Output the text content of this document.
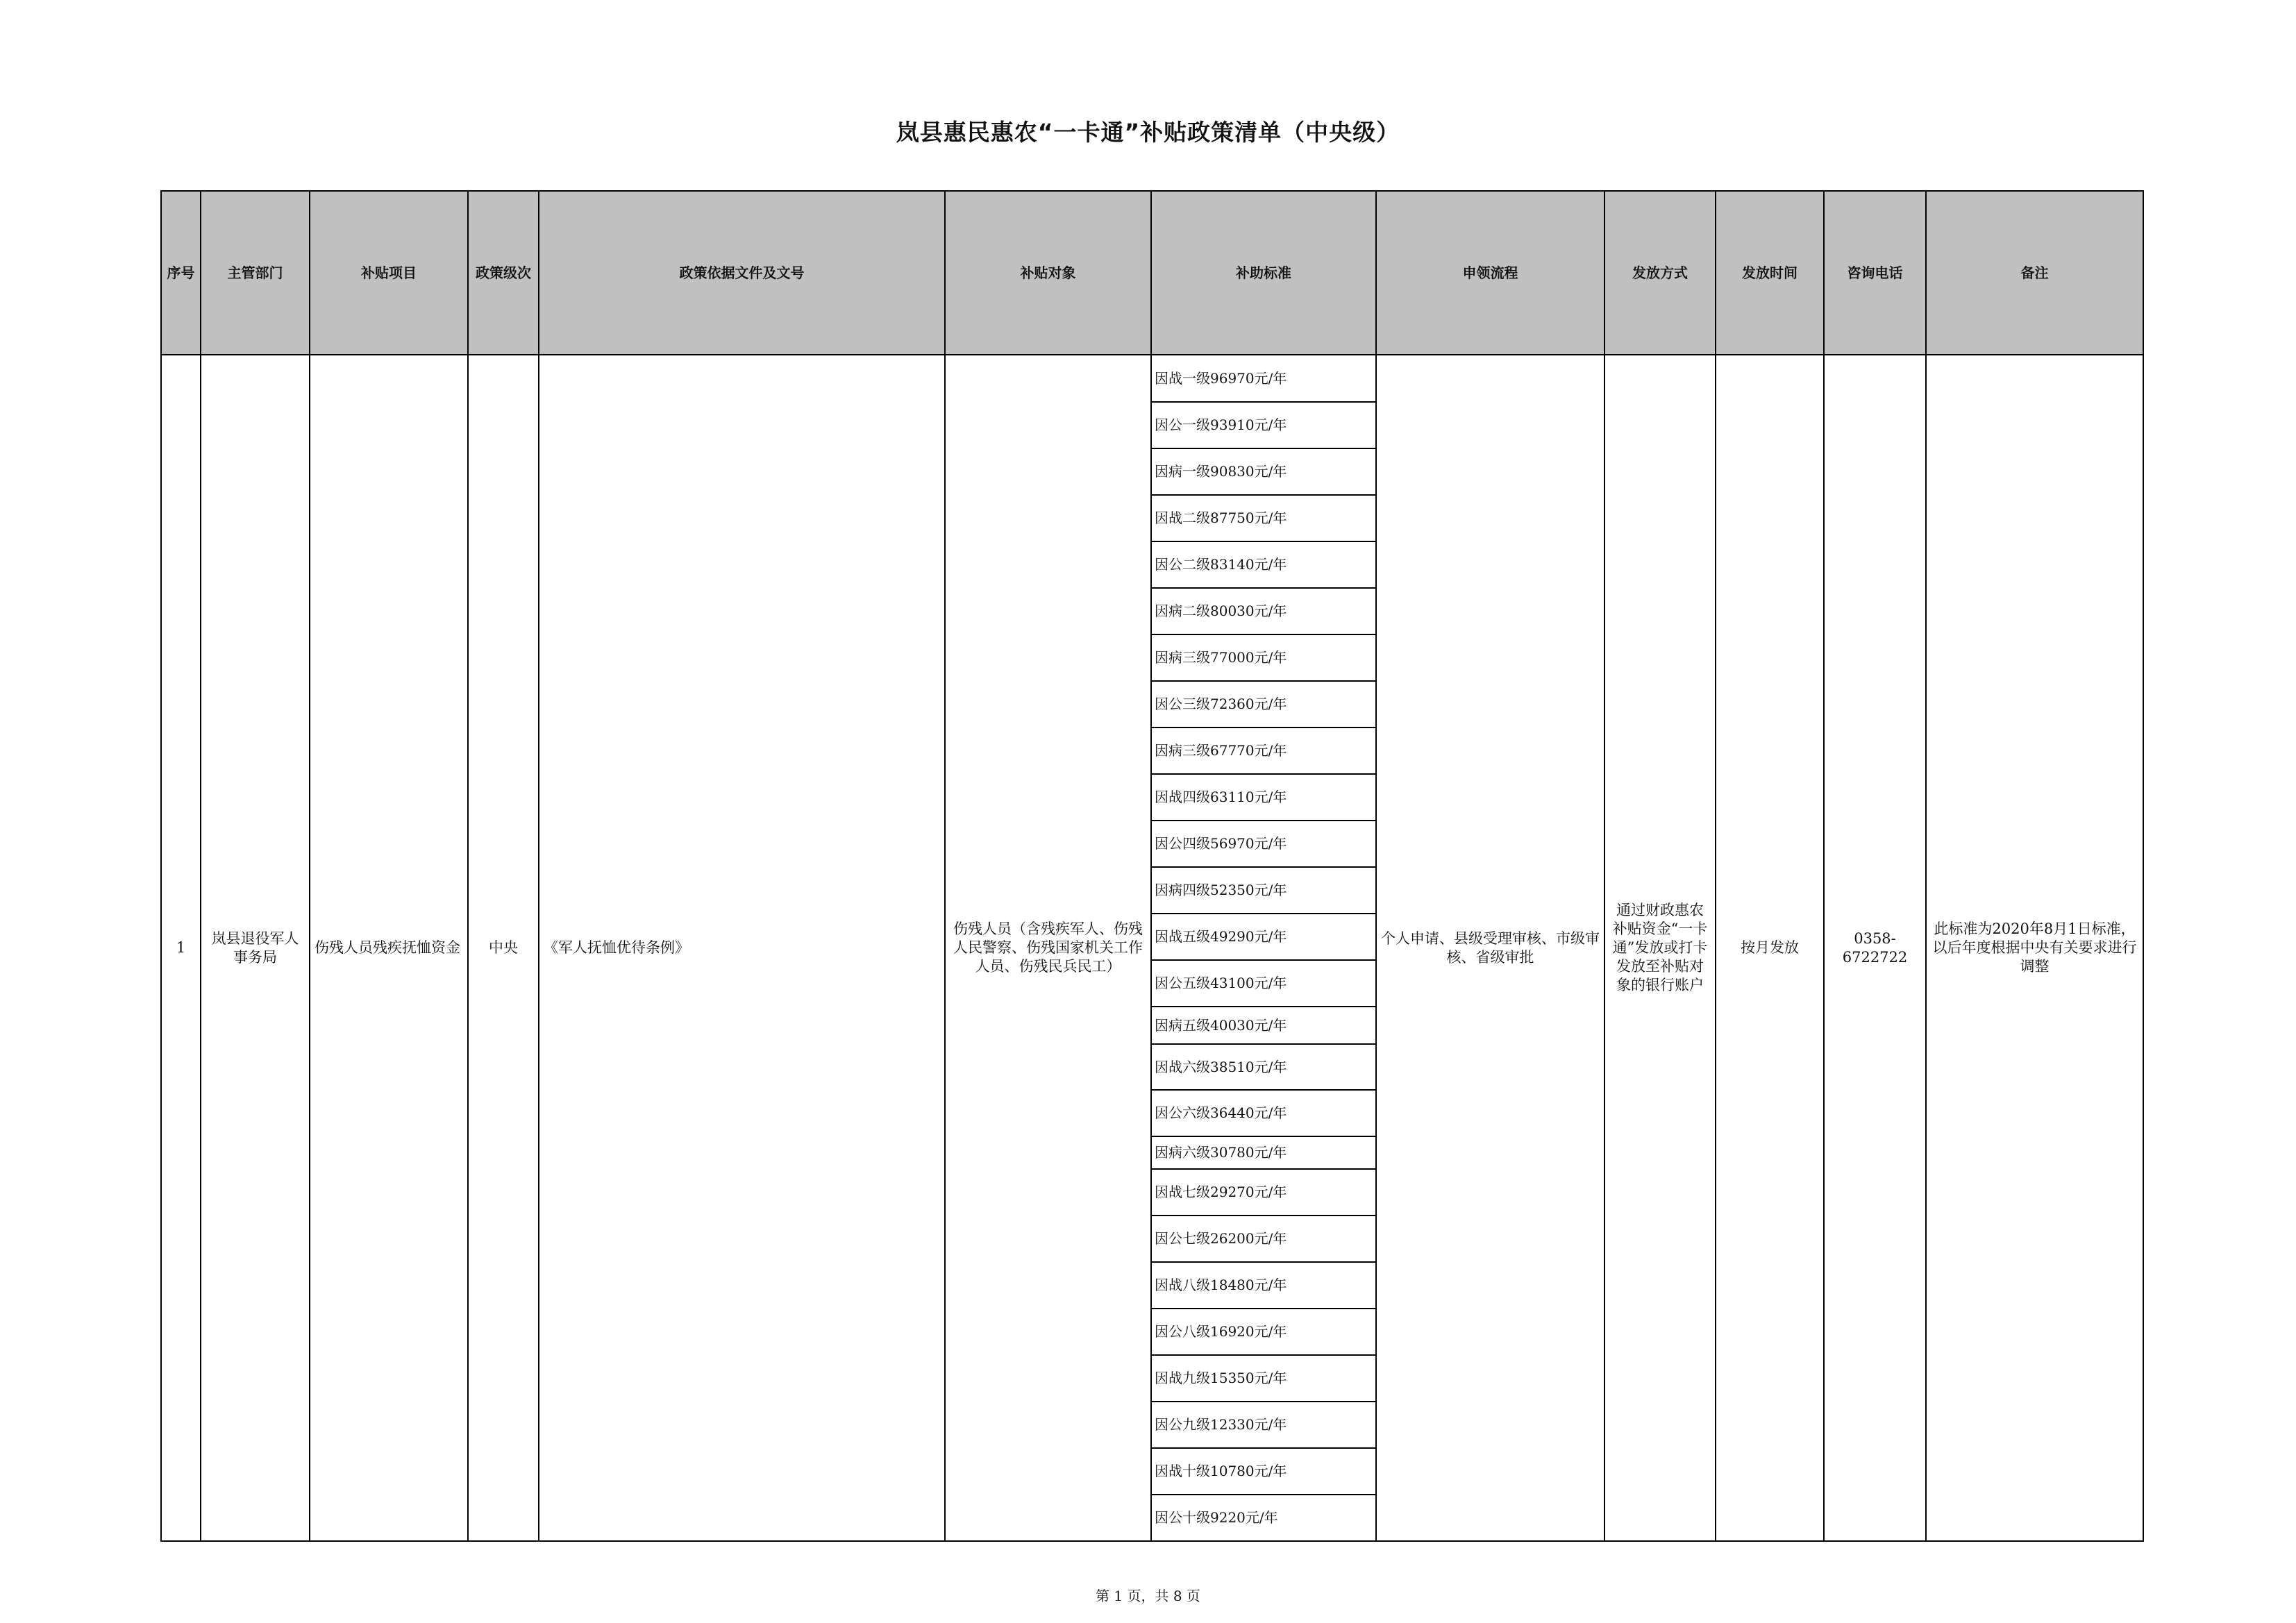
岚县惠民惠农“一卡通”补贴政策清单（中央级）
序号	主管部门	补贴项目	政策级次	政策依据文件及文号	补贴对象	补助标准	申领流程	发放方式	发放时间	咨询电话	备注
1	岚县退役军人事务局	伤残人员残疾抚恤资金	中央	《军人抚恤优待条例》	伤残人员（含残疾军人、伤残人民警察、伤残国家机关工作人员、伤残民兵民工）	因战一级96970元/年	个人申请、县级受理审核、市级审核、省级审批	通过财政惠农补贴资金“一卡通”发放或打卡发放至补贴对象的银行账户	按月发放	0358-6722722	此标准为2020年8月1日标准，以后年度根据中央有关要求进行调整
						因公一级93910元/年					
						因病一级90830元/年					
						因战二级87750元/年					
						因公二级83140元/年					
						因病二级80030元/年					
						因病三级77000元/年					
						因公三级72360元/年					
						因病三级67770元/年					
						因战四级63110元/年					
						因公四级56970元/年					
						因病四级52350元/年					
						因战五级49290元/年					
						因公五级43100元/年					
						因病五级40030元/年					
						因战六级38510元/年					
						因公六级36440元/年					
						因病六级30780元/年					
						因战七级29270元/年					
						因公七级26200元/年					
						因战八级18480元/年					
						因公八级16920元/年					
						因战九级15350元/年					
						因公九级12330元/年					
						因战十级10780元/年					
						因公十级9220元/年					
第 1 页，共 8 页
